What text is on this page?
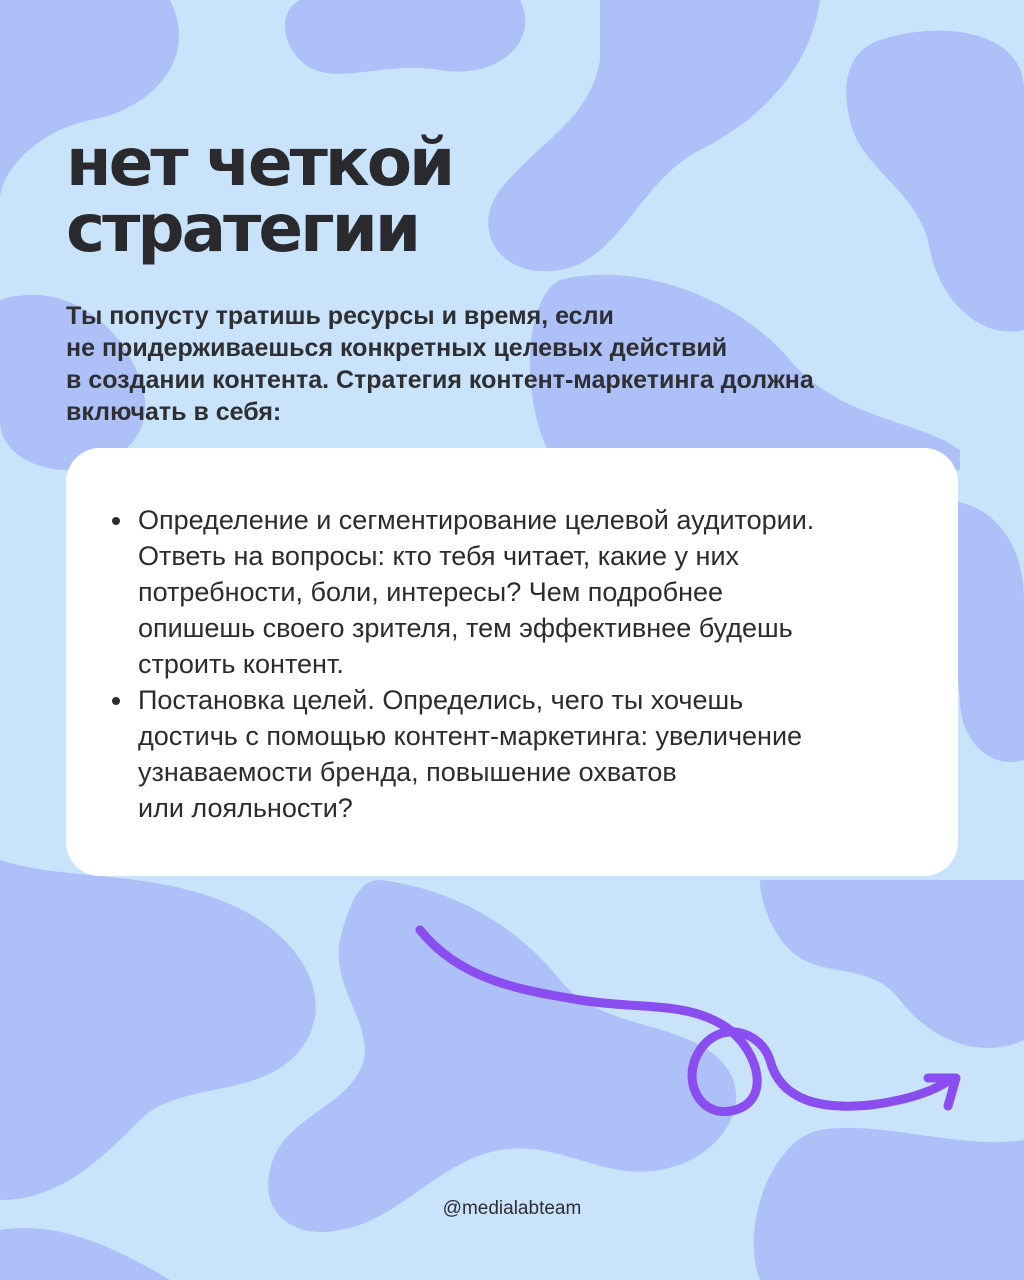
нет четкой
стратегии

Ты попусту тратишь ресурсы и время, если
не придерживаешься конкретных целевых действий
в создании контента. Стратегия контент-маркетинга должна
включать в себя:

Определение и сегментирование целевой аудитории.
Ответь на вопросы: кто тебя читает, какие у них
потребности, боли, интересы? Чем подробнее
опишешь своего зрителя, тем эффективнее будешь
строить контент.
Постановка целей. Определись, чего ты хочешь
достичь с помощью контент-маркетинга: увеличение
узнаваемости бренда, повышение охватов
или лояльности?
@medialabteam
